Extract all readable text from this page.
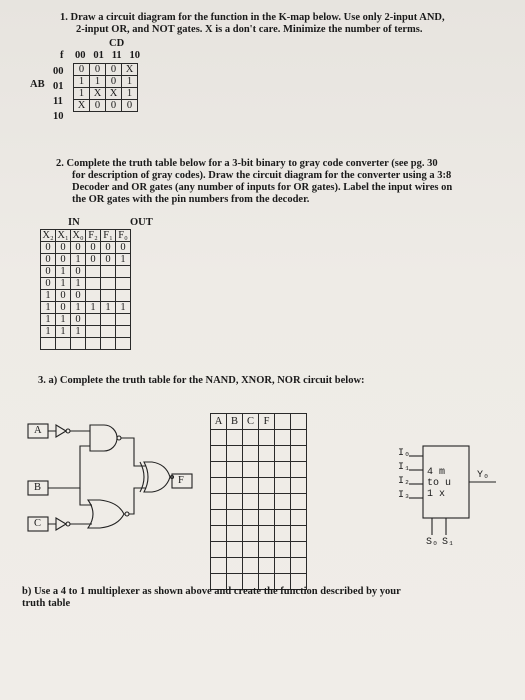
1. Draw a circuit diagram for the function in the K-map below. Use only 2-input AND,
2-input OR, and NOT gates. X is a don't care. Minimize the number of terms.
CD
f 00 01 11 10
AB
00
01
11
10
0	0	0	X
1	1	0	1
1	X	X	1
X	0	0	0
2. Complete the truth table below for a 3-bit binary to gray code converter (see pg. 30
for description of gray codes). Draw the circuit diagram for the converter using a 3:8
Decoder and OR gates (any number of inputs for OR gates). Label the input wires on
the OR gates with the pin numbers from the decoder.
IN	OUT
X₂	X₁	X₀	F₂	F₁	F₀
0	0	0	0	0	0
0	0	1	0	0	1
0	1	0			
0	1	1			
1	0	0			
1	0	1	1	1	1
1	1	0			
1	1	1			

3. a) Complete the truth table for the NAND, XNOR, NOR circuit below:
A
B
C
F
A	B	C	F		

I₀
I₁
I₂
I₃
4 m
to u
1 x
Y₀
S₀ S₁
b) Use a 4 to 1 multiplexer as shown above and create the function described by your
truth table
